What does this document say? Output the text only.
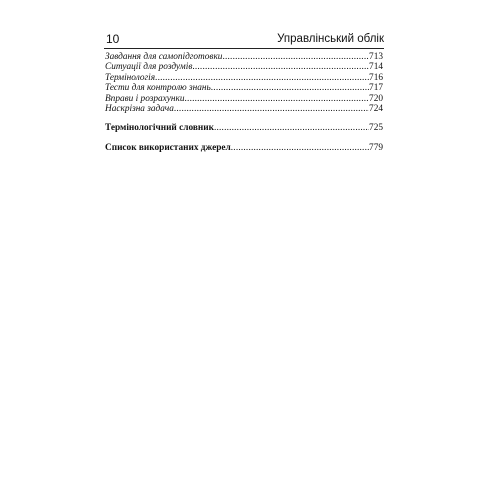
10	Управлінський облік
Завдання для самопідготовки .....	713
Ситуації для роздумів .....	714
Термінологія .....	716
Тести для контролю знань .....	717
Вправи і розрахунки .....	720
Наскрізна задача .....	724
Термінологічний словник .....	725
Список використаних джерел .....	779
